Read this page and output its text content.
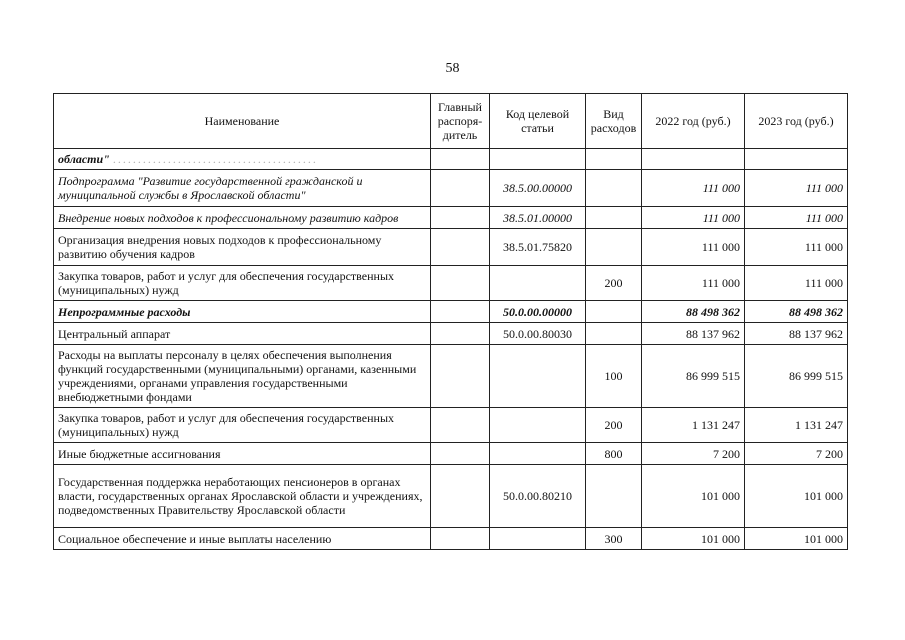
58
Наименование	Главный распоря-дитель	Код целевой статьи	Вид расходов	2022 год (руб.)	2023 год (руб.)
области" .........................................					
Подпрограмма "Развитие государственной гражданской и муниципальной службы в Ярославской области"		38.5.00.00000		111 000	111 000
Внедрение новых подходов к профессиональному развитию кадров		38.5.01.00000		111 000	111 000
Организация внедрения новых подходов к профессиональному развитию обучения кадров		38.5.01.75820		111 000	111 000
Закупка товаров, работ и услуг для обеспечения государственных (муниципальных) нужд			200	111 000	111 000
Непрограммные расходы		50.0.00.00000		88 498 362	88 498 362
Центральный аппарат		50.0.00.80030		88 137 962	88 137 962
Расходы на выплаты персоналу в целях обеспечения выполнения функций государственными (муниципальными) органами, казенными учреждениями, органами управления государственными внебюджетными фондами			100	86 999 515	86 999 515
Закупка товаров, работ и услуг для обеспечения государственных (муниципальных) нужд			200	1 131 247	1 131 247
Иные бюджетные ассигнования			800	7 200	7 200
Государственная поддержка неработающих пенсионеров в органах власти, государственных органах Ярославской области и учреждениях, подведомственных Правительству Ярославской области		50.0.00.80210		101 000	101 000
Социальное обеспечение и иные выплаты населению			300	101 000	101 000
